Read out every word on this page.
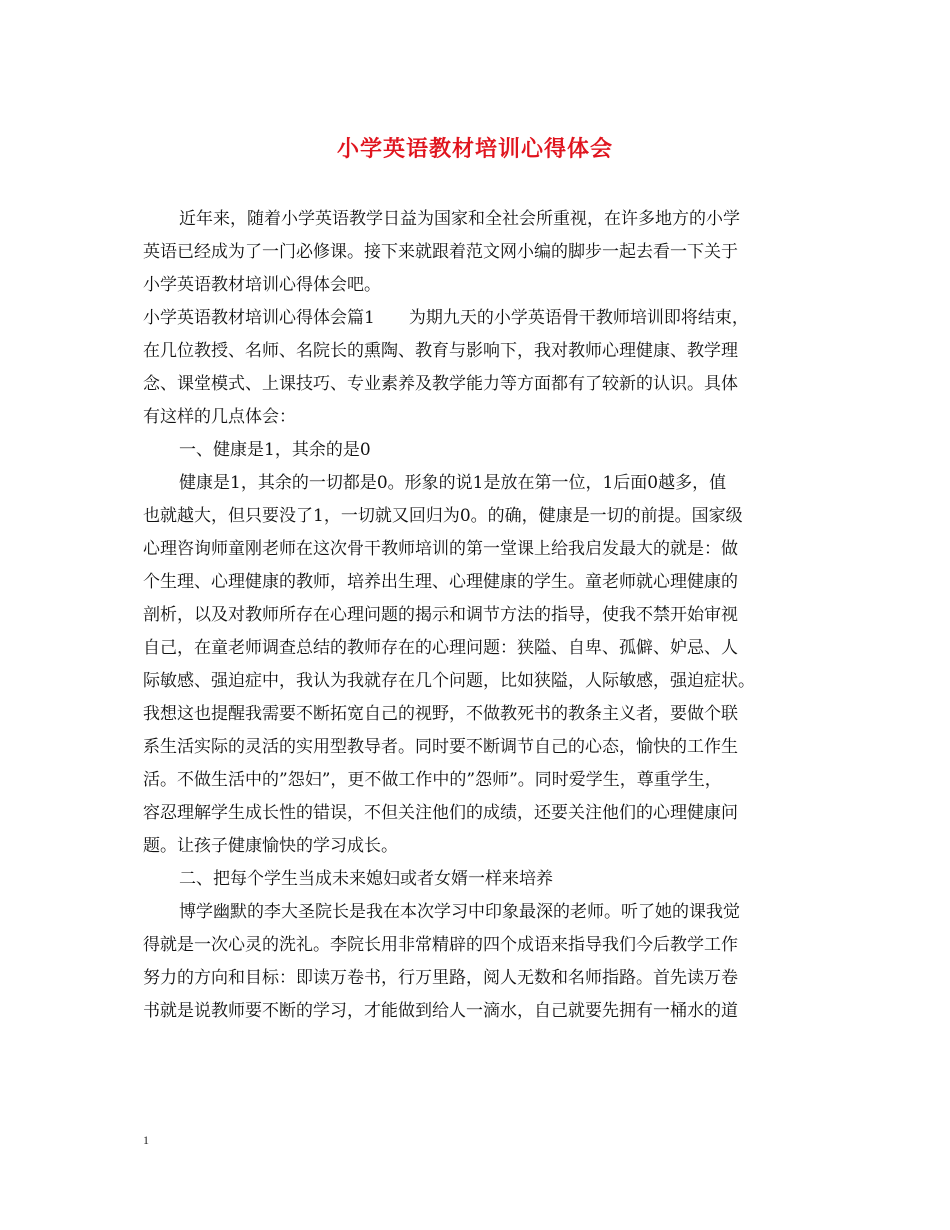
小学英语教材培训心得体会
近年来，随着小学英语教学日益为国家和全社会所重视，在许多地方的小学
英语已经成为了一门必修课。接下来就跟着范文网小编的脚步一起去看一下关于
小学英语教材培训心得体会吧。
小学英语教材培训心得体会篇1　　为期九天的小学英语骨干教师培训即将结束，
在几位教授、名师、名院长的熏陶、教育与影响下，我对教师心理健康、教学理
念、课堂模式、上课技巧、专业素养及教学能力等方面都有了较新的认识。具体
有这样的几点体会：
一、健康是1，其余的是0
健康是1，其余的一切都是0。形象的说1是放在第一位，1后面0越多，值
也就越大，但只要没了1，一切就又回归为0。的确，健康是一切的前提。国家级
心理咨询师童刚老师在这次骨干教师培训的第一堂课上给我启发最大的就是：做
个生理、心理健康的教师，培养出生理、心理健康的学生。童老师就心理健康的
剖析，以及对教师所存在心理问题的揭示和调节方法的指导，使我不禁开始审视
自己，在童老师调查总结的教师存在的心理问题：狭隘、自卑、孤僻、妒忌、人
际敏感、强迫症中，我认为我就存在几个问题，比如狭隘，人际敏感，强迫症状。
我想这也提醒我需要不断拓宽自己的视野，不做教死书的教条主义者，要做个联
系生活实际的灵活的实用型教导者。同时要不断调节自己的心态，愉快的工作生
活。不做生活中的”怨妇”，更不做工作中的”怨师”。同时爱学生，尊重学生，
容忍理解学生成长性的错误，不但关注他们的成绩，还要关注他们的心理健康问
题。让孩子健康愉快的学习成长。
二、把每个学生当成未来媳妇或者女婿一样来培养
博学幽默的李大圣院长是我在本次学习中印象最深的老师。听了她的课我觉
得就是一次心灵的洗礼。李院长用非常精辟的四个成语来指导我们今后教学工作
努力的方向和目标：即读万卷书，行万里路，阅人无数和名师指路。首先读万卷
书就是说教师要不断的学习，才能做到给人一滴水，自己就要先拥有一桶水的道
1
